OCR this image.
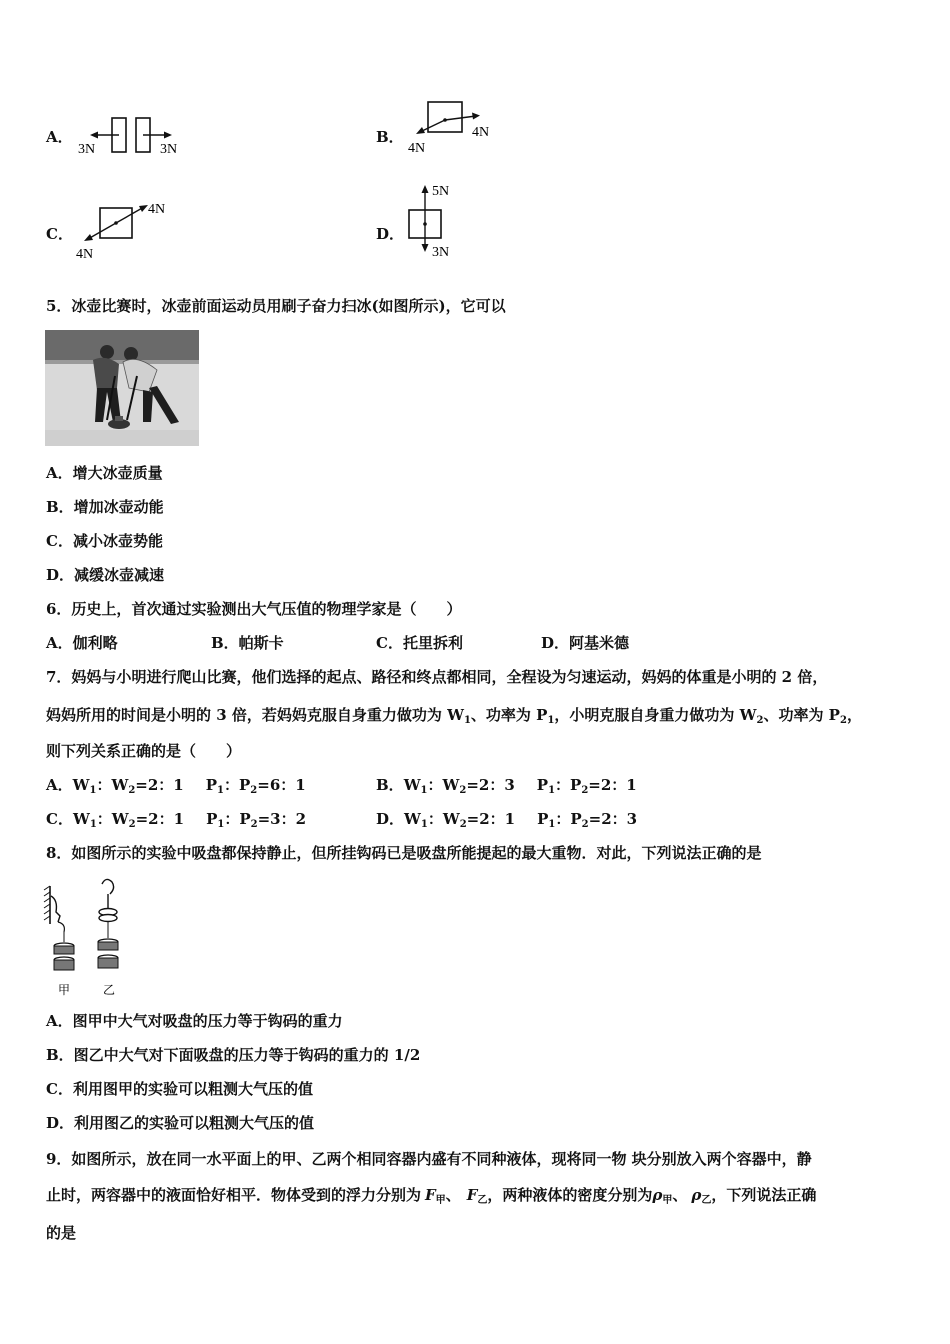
A．
3N	3N
B．
4N
4N
C．
4N
4N
D．
5N
3N
5．冰壶比赛时，冰壶前面运动员用刷子奋力扫冰(如图所示)，它可以
A．增大冰壶质量
B．增加冰壶动能
C．减小冰壶势能
D．减缓冰壶减速
6．历史上，首次通过实验测出大气压值的物理学家是（　　）
A．伽利略	B．帕斯卡	C．托里拆利	D．阿基米德
7．妈妈与小明进行爬山比赛，他们选择的起点、路径和终点都相同，全程设为匀速运动，妈妈的体重是小明的 2 倍，
妈妈所用的时间是小明的 3 倍，若妈妈克服自身重力做功为 $W_1$、功率为 $P_1$，小明克服自身重力做功为 $W_2$、功率为 $P_2$，
则下列关系正确的是（　　）
A．$W_1$：$W_2=2$：1 $P_1$：$P_2=6$：1	B．$W_1$：$W_2=2$：3 $P_1$：$P_2=2$：1
C．$W_1$：$W_2=2$：1 $P_1$：$P_2=3$：2	D．$W_1$：$W_2=2$：1 $P_1$：$P_2=2$：3
8．如图所示的实验中吸盘都保持静止，但所挂钩码已是吸盘所能提起的最大重物．对此，下列说法正确的是
甲	乙
A．图甲中大气对吸盘的压力等于钩码的重力
B．图乙中大气对下面吸盘的压力等于钩码的重力的 1/2
C．利用图甲的实验可以粗测大气压的值
D．利用图乙的实验可以粗测大气压的值
9．如图所示，放在同一水平面上的甲、乙两个相同容器内盛有不同种液体，现将同一物 块分别放入两个容器中，静
止时，两容器中的液面恰好相平．物体受到的浮力分别为 $F_甲$、 $F_乙$，两种液体的密度分别为$\rho_甲$、 $\rho_乙$，下列说法正确
的是
